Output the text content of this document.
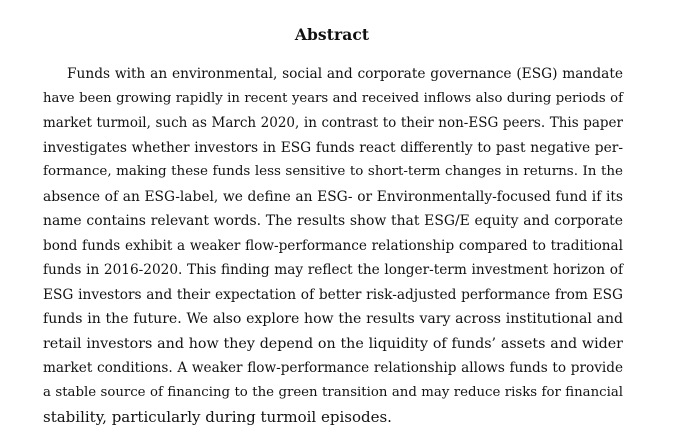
Abstract
Funds with an environmental, social and corporate governance (ESG) mandate
have been growing rapidly in recent years and received inflows also during periods of
market turmoil, such as March 2020, in contrast to their non-ESG peers. This paper
investigates whether investors in ESG funds react differently to past negative per-
formance, making these funds less sensitive to short-term changes in returns. In the
absence of an ESG-label, we define an ESG- or Environmentally-focused fund if its
name contains relevant words. The results show that ESG/E equity and corporate
bond funds exhibit a weaker flow-performance relationship compared to traditional
funds in 2016-2020. This finding may reflect the longer-term investment horizon of
ESG investors and their expectation of better risk-adjusted performance from ESG
funds in the future. We also explore how the results vary across institutional and
retail investors and how they depend on the liquidity of funds’ assets and wider
market conditions. A weaker flow-performance relationship allows funds to provide
a stable source of financing to the green transition and may reduce risks for financial
stability, particularly during turmoil episodes.
